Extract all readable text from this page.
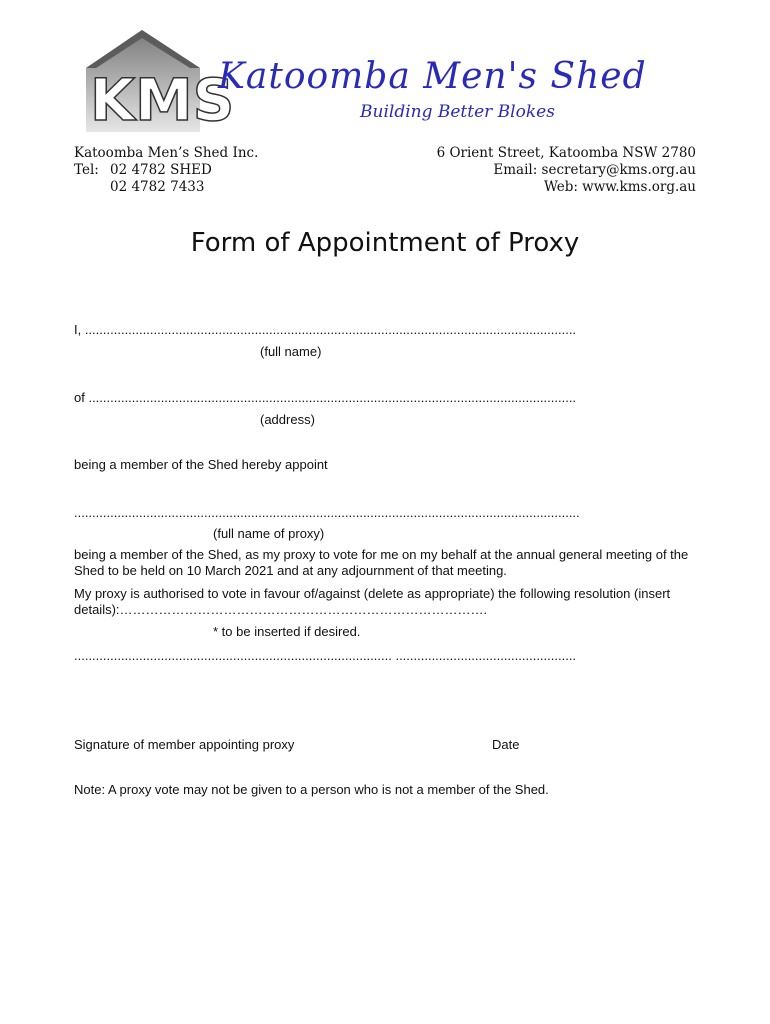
KMS
Katoomba Men's Shed
Building Better Blokes
Katoomba Men’s Shed Inc.
Tel: 02 4782 SHED
02 4782 7433
6 Orient Street, Katoomba NSW 2780
Email: secretary@kms.org.au
Web: www.kms.org.au
Form of Appointment of Proxy
I, ........................................................................................................................................
(full name)
of .......................................................................................................................................
(address)
being a member of the Shed hereby appoint
............................................................................................................................................
(full name of proxy)
being a member of the Shed, as my proxy to vote for me on my behalf at the annual general meeting of the Shed to be held on 10 March 2021 and at any adjournment of that meeting.
My proxy is authorised to vote in favour of/against (delete as appropriate) the following resolution (insert details):………………………………………………………………………….
* to be inserted if desired.
........................................................................................ ..................................................
Signature of member appointing proxy	Date
Note: A proxy vote may not be given to a person who is not a member of the Shed.
